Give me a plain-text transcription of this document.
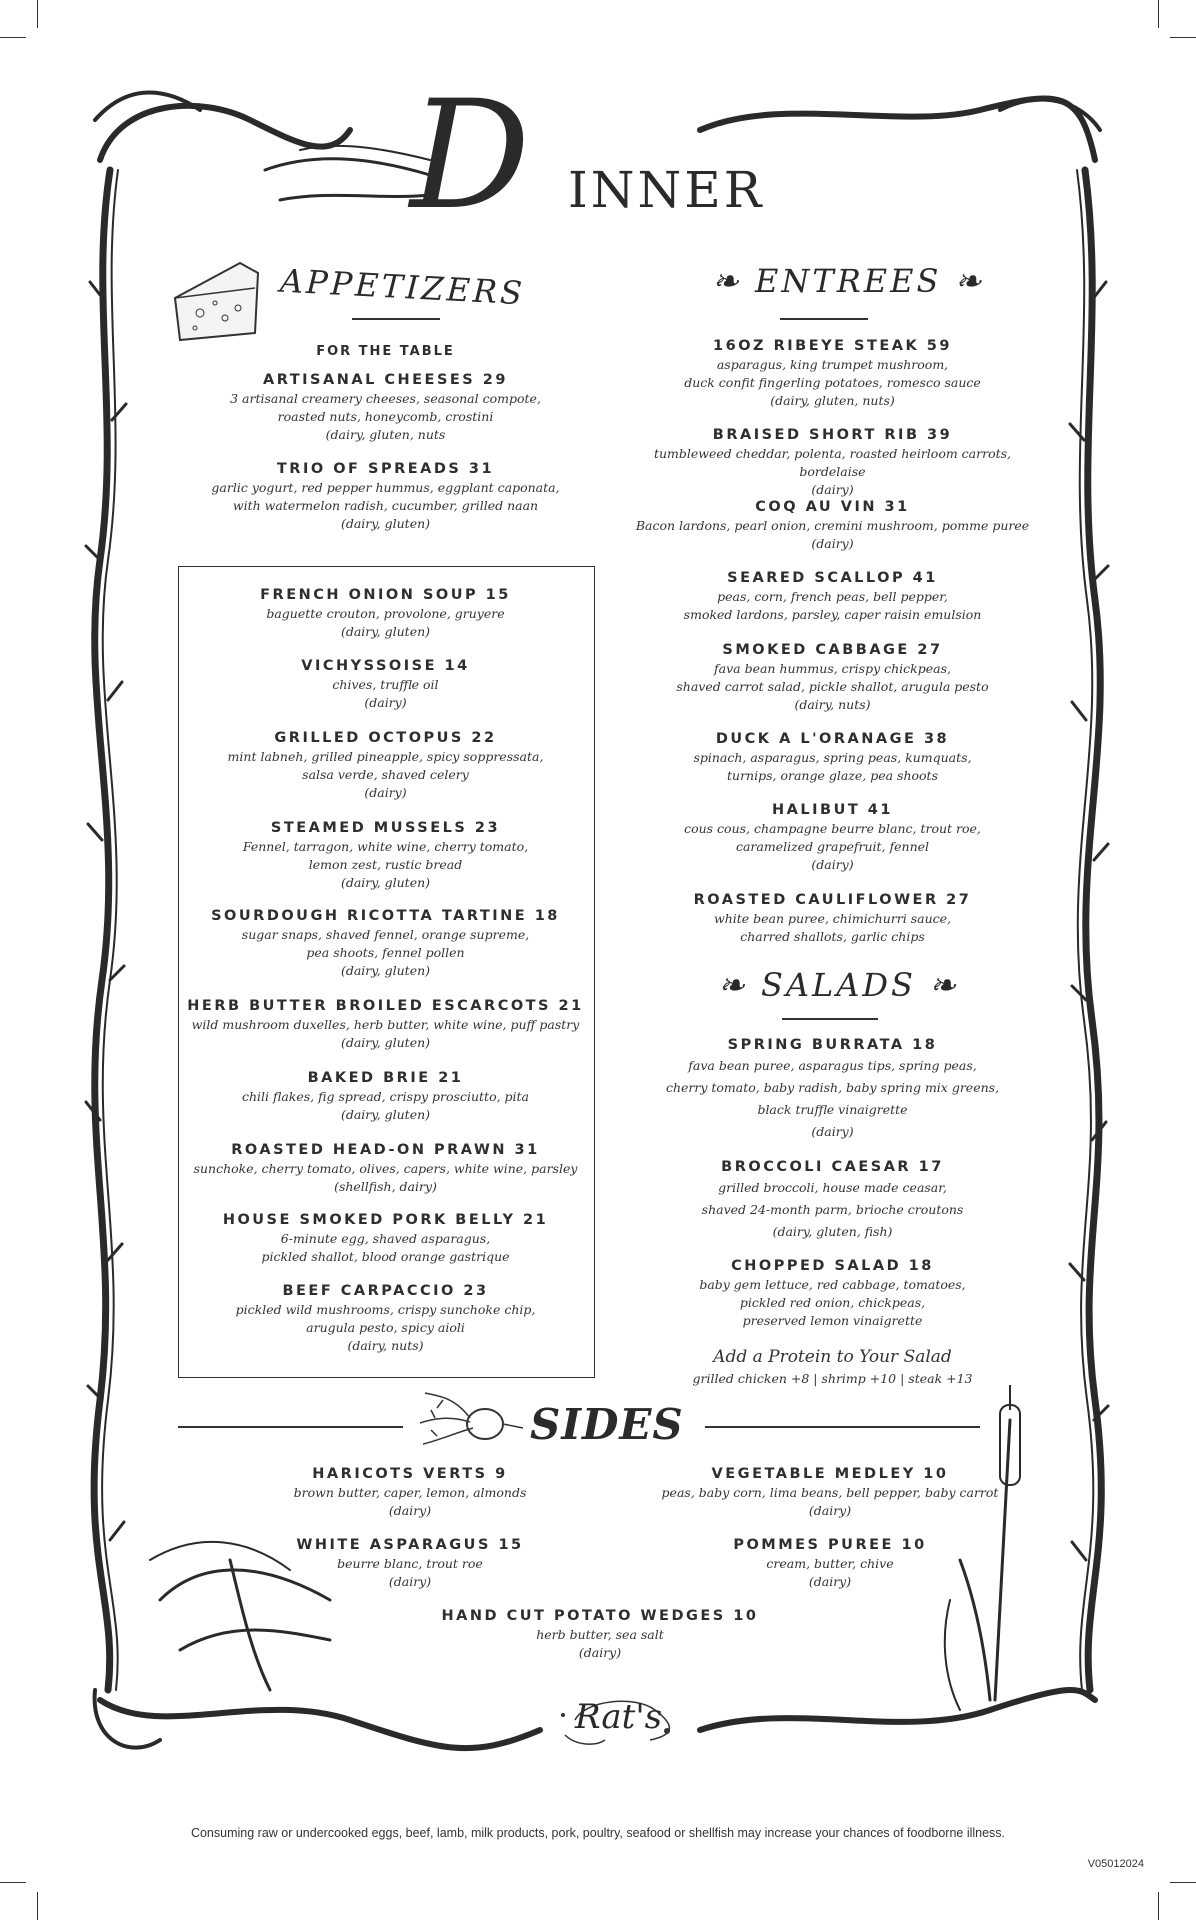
D INNER
APPETIZERS	❧ ENTREES ❧
FOR THE TABLE
ARTISANAL CHEESES 29
3 artisanal creamery cheeses, seasonal compote,
roasted nuts, honeycomb, crostini
(dairy, gluten, nuts
TRIO OF SPREADS 31
garlic yogurt, red pepper hummus, eggplant caponata,
with watermelon radish, cucumber, grilled naan
(dairy, gluten)
FRENCH ONION SOUP 15
baguette crouton, provolone, gruyere
(dairy, gluten)
VICHYSSOISE 14
chives, truffle oil
(dairy)
GRILLED OCTOPUS 22
mint labneh, grilled pineapple, spicy soppressata,
salsa verde, shaved celery
(dairy)
STEAMED MUSSELS 23
Fennel, tarragon, white wine, cherry tomato,
lemon zest, rustic bread
(dairy, gluten)
SOURDOUGH RICOTTA TARTINE 18
sugar snaps, shaved fennel, orange supreme,
pea shoots, fennel pollen
(dairy, gluten)
HERB BUTTER BROILED ESCARCOTS 21
wild mushroom duxelles, herb butter, white wine, puff pastry
(dairy, gluten)
BAKED BRIE 21
chili flakes, fig spread, crispy prosciutto, pita
(dairy, gluten)
ROASTED HEAD-ON PRAWN 31
sunchoke, cherry tomato, olives, capers, white wine, parsley
(shellfish, dairy)
HOUSE SMOKED PORK BELLY 21
6-minute egg, shaved asparagus,
pickled shallot, blood orange gastrique
BEEF CARPACCIO 23
pickled wild mushrooms, crispy sunchoke chip,
arugula pesto, spicy aioli
(dairy, nuts)
16OZ RIBEYE STEAK 59
asparagus, king trumpet mushroom,
duck confit fingerling potatoes, romesco sauce
(dairy, gluten, nuts)
BRAISED SHORT RIB 39
tumbleweed cheddar, polenta, roasted heirloom carrots, bordelaise
(dairy)
COQ AU VIN 31
Bacon lardons, pearl onion, cremini mushroom, pomme puree
(dairy)
SEARED SCALLOP 41
peas, corn, french peas, bell pepper,
smoked lardons, parsley, caper raisin emulsion
SMOKED CABBAGE 27
fava bean hummus, crispy chickpeas,
shaved carrot salad, pickle shallot, arugula pesto
(dairy, nuts)
DUCK A L'ORANAGE 38
spinach, asparagus, spring peas, kumquats,
turnips, orange glaze, pea shoots
HALIBUT 41
cous cous, champagne beurre blanc, trout roe,
caramelized grapefruit, fennel
(dairy)
ROASTED CAULIFLOWER 27
white bean puree, chimichurri sauce,
charred shallots, garlic chips
❧ SALADS ❧
SPRING BURRATA 18
fava bean puree, asparagus tips, spring peas,
cherry tomato, baby radish, baby spring mix greens,
black truffle vinaigrette
(dairy)
BROCCOLI CAESAR 17
grilled broccoli, house made ceasar,
shaved 24-month parm, brioche croutons
(dairy, gluten, fish)
CHOPPED SALAD 18
baby gem lettuce, red cabbage, tomatoes,
pickled red onion, chickpeas,
preserved lemon vinaigrette
Add a Protein to Your Salad
grilled chicken +8 | shrimp +10 | steak +13
SIDES
HARICOTS VERTS 9
brown butter, caper, lemon, almonds
(dairy)
VEGETABLE MEDLEY 10
peas, baby corn, lima beans, bell pepper, baby carrot
(dairy)
WHITE ASPARAGUS 15
beurre blanc, trout roe
(dairy)
POMMES PUREE 10
cream, butter, chive
(dairy)
HAND CUT POTATO WEDGES 10
herb butter, sea salt
(dairy)
Rat's
Consuming raw or undercooked eggs, beef, lamb, milk products, pork, poultry, seafood or shellfish may increase your chances of foodborne illness.
V05012024
